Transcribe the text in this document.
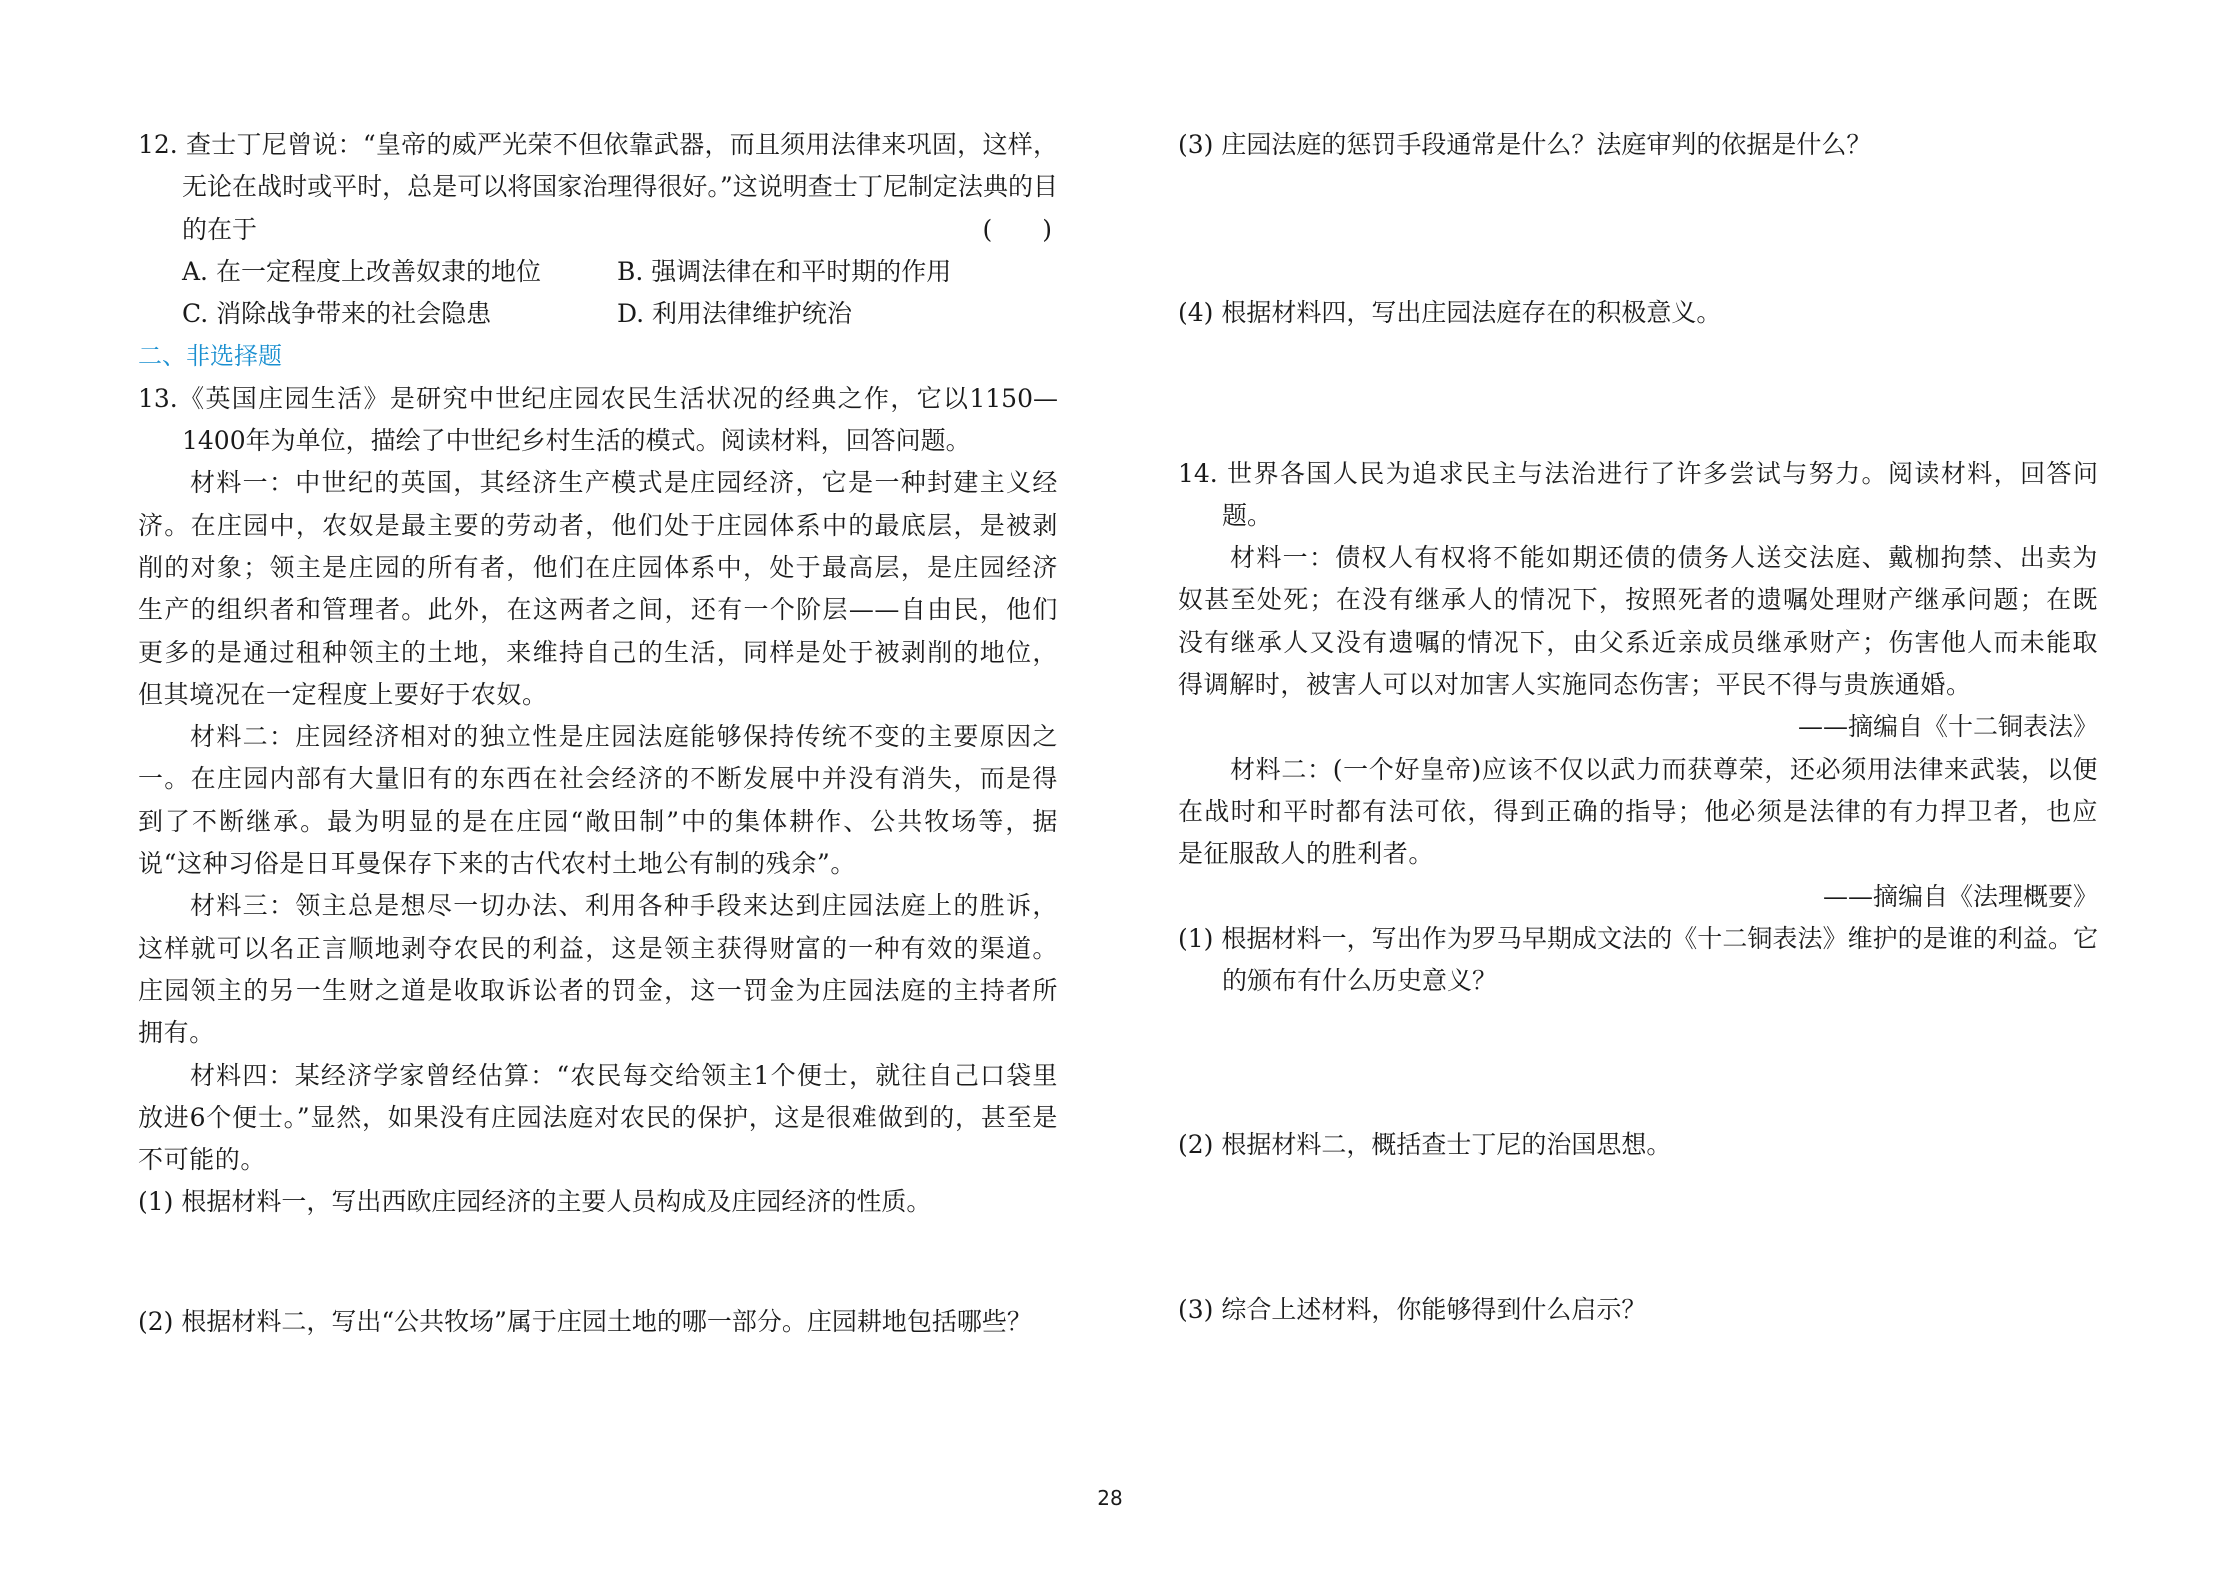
12. 查士丁尼曾说：“皇帝的威严光荣不但依靠武器，而且须用法律来巩固，这样，无论在战时或平时，总是可以将国家治理得很好。”这说明查士丁尼制定法典的目的在于	(　　)

A. 在一定程度上改善奴隶的地位	B. 强调法律在和平时期的作用
C. 消除战争带来的社会隐患	D. 利用法律维护统治
二、非选择题

13.《英国庄园生活》是研究中世纪庄园农民生活状况的经典之作，它以1150—1400年为单位，描绘了中世纪乡村生活的模式。阅读材料，回答问题。

材料一：中世纪的英国，其经济生产模式是庄园经济，它是一种封建主义经济。在庄园中，农奴是最主要的劳动者，他们处于庄园体系中的最底层，是被剥削的对象；领主是庄园的所有者，他们在庄园体系中，处于最高层，是庄园经济生产的组织者和管理者。此外，在这两者之间，还有一个阶层——自由民，他们更多的是通过租种领主的土地，来维持自己的生活，同样是处于被剥削的地位，但其境况在一定程度上要好于农奴。

材料二：庄园经济相对的独立性是庄园法庭能够保持传统不变的主要原因之一。在庄园内部有大量旧有的东西在社会经济的不断发展中并没有消失，而是得到了不断继承。最为明显的是在庄园“敞田制”中的集体耕作、公共牧场等，据说“这种习俗是日耳曼保存下来的古代农村土地公有制的残余”。

材料三：领主总是想尽一切办法、利用各种手段来达到庄园法庭上的胜诉，这样就可以名正言顺地剥夺农民的利益，这是领主获得财富的一种有效的渠道。庄园领主的另一生财之道是收取诉讼者的罚金，这一罚金为庄园法庭的主持者所拥有。

材料四：某经济学家曾经估算：“农民每交给领主1个便士，就往自己口袋里放进6个便士。”显然，如果没有庄园法庭对农民的保护，这是很难做到的，甚至是不可能的。

(1) 根据材料一，写出西欧庄园经济的主要人员构成及庄园经济的性质。

(2) 根据材料二，写出“公共牧场”属于庄园土地的哪一部分。庄园耕地包括哪些？

(3) 庄园法庭的惩罚手段通常是什么？法庭审判的依据是什么？

(4) 根据材料四，写出庄园法庭存在的积极意义。

14. 世界各国人民为追求民主与法治进行了许多尝试与努力。阅读材料，回答问题。

材料一：债权人有权将不能如期还债的债务人送交法庭、戴枷拘禁、出卖为奴甚至处死；在没有继承人的情况下，按照死者的遗嘱处理财产继承问题；在既没有继承人又没有遗嘱的情况下，由父系近亲成员继承财产；伤害他人而未能取得调解时，被害人可以对加害人实施同态伤害；平民不得与贵族通婚。

——摘编自《十二铜表法》

材料二：(一个好皇帝)应该不仅以武力而获尊荣，还必须用法律来武装，以便在战时和平时都有法可依，得到正确的指导；他必须是法律的有力捍卫者，也应是征服敌人的胜利者。

——摘编自《法理概要》

(1) 根据材料一，写出作为罗马早期成文法的《十二铜表法》维护的是谁的利益。它的颁布有什么历史意义？

(2) 根据材料二，概括查士丁尼的治国思想。

(3) 综合上述材料，你能够得到什么启示？

28
